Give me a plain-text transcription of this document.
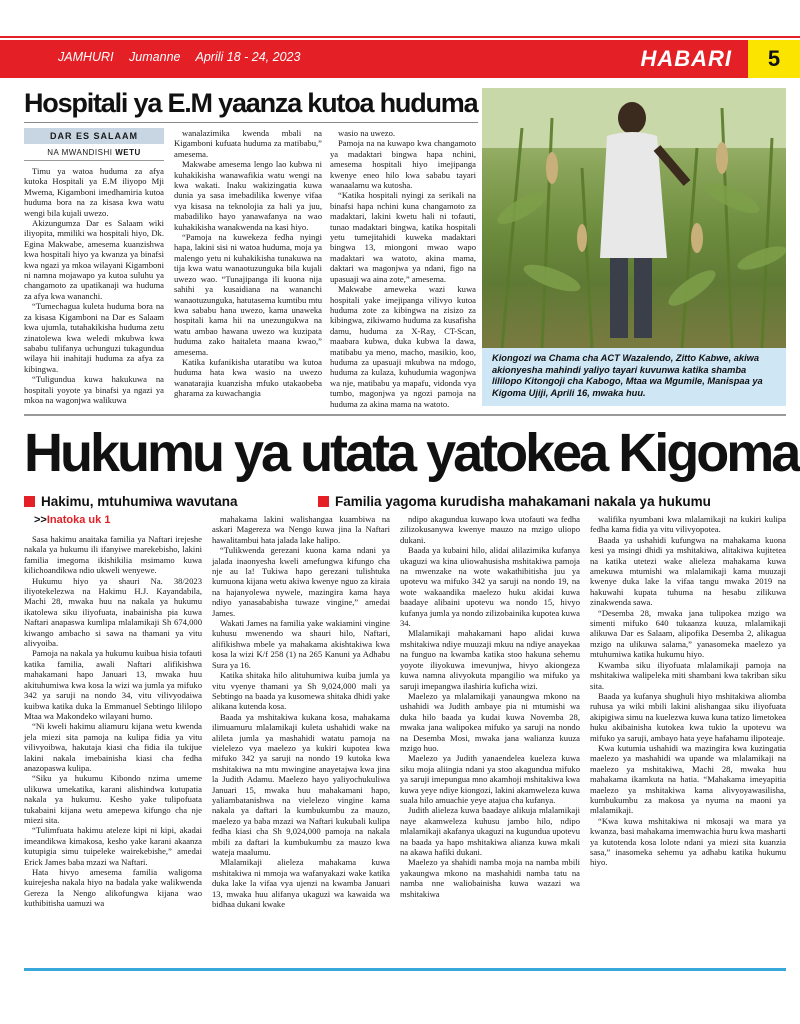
JAMHURI Jumanne Aprili 18 - 24, 2023	HABARI	5
Hospitali ya E.M yaanza kutoa huduma
DAR ES SALAAM
NA MWANDISHI WETU

Timu ya watoa huduma za afya kutoka Hospitali ya E.M iliyopo Mji Mwema, Kigamboni imedhamiria kutoa huduma bora na za kisasa kwa watu wengi bila kujali uwezo.

Akizungumza Dar es Salaam wiki iliyopita, mmiliki wa hospitali hiyo, Dk. Egina Makwabe, amesema kuanzishwa kwa hospitali hiyo ya kwanza ya binafsi kwa ngazi ya mkoa wilayani Kigamboni ni namna mojawapo ya kutoa suluhu ya changamoto za upatikanaji wa huduma za afya kwa wananchi.

“Tumechagua kuleta huduma bora na za kisasa Kigamboni na Dar es Salaam kwa ujumla, tutahakikisha huduma zetu zinatolewa kwa weledi mkubwa kwa sababu tulifanya uchunguzi tukagundua wilaya hii inahitaji huduma za afya za kibingwa.

“Tuligundua kuwa hakukuwa na hospitali yoyote ya binafsi ya ngazi ya mkoa na wagonjwa walikuwa

wanalazimika kwenda mbali na Kigamboni kufuata huduma za matibabu,” amesema.

Makwabe amesema lengo lao kubwa ni kuhakikisha wanawafikia watu wengi na kwa wakati. Inaku wakizingatia kuwa dunia ya sasa imebadilika kwenye vifaa vya kisasa na teknolojia za hali ya juu, mabadiliko hayo yanawafanya na wao kuhakikisha wanakwenda na kasi hiyo.

“Pamoja na kuwekeza fedha nyingi hapa, lakini sisi ni watoa huduma, moja ya malengo yetu ni kuhakikisha tunakuwa na tija kwa watu wanaotuzunguka bila kujali uwezo wao. “Tunajipanga ili kuona nija sahihi ya kusaidiana na wananchi wanaotuzunguka, hatutasema kumtibu mtu kwa sababu hana uwezo, kama unaweka hospitali kama hii na unezungukwa na watu ambao hawana uwezo wa kuzipata huduma zako haitaleta maana kwao,” amesema.

Katika kufanikisha utaratibu wa kutoa huduma hata kwa wasio na uwezo wanatarajia kuanzisha mfuko utakaobeba gharama za kuwachangia

wasio na uwezo.

Pamoja na na kuwapo kwa changamoto ya madaktari bingwa hapa nchini, amesema hospitali hiyo imejipanga kwenye eneo hilo kwa sababu tayari wanaalamu wa kutosha.

“Katika hospitali nyingi za serikali na binafsi hapa nchini kuna changamoto za madaktari, lakini kwetu hali ni tofauti, tunao madaktari bingwa, katika hospitali yetu tumejitahidi kuweka madaktari bingwa 13, miongoni mwao wapo madaktari wa watoto, akina mama, daktari wa magonjwa ya ndani, figo na upasuaji wa aina zote,” amesema.

Makwabe ameweka wazi kuwa hospitali yake imejipanga vilivyo kutoa huduma zote za kibingwa na zisizo za kibingwa, zikiwamo huduma za kusafisha damu, huduma za X-Ray, CT-Scan, maabara kubwa, duka kubwa la dawa, matibabu ya meno, macho, masikio, koo, huduma za upasuaji mkubwa na mdogo, huduma za kulaza, kuhudumia wagonjwa wa nje, matibabu ya mapafu, vidonda vya tumbo, magonjwa ya ngozi pamoja na huduma za akina mama na watoto.

Kiongozi wa Chama cha ACT Wazalendo, Zitto Kabwe, akiwa akionyesha mahindi yaliyo tayari kuvunwa katika shamba lililopo Kitongoji cha Kabogo, Mtaa wa Mgumile, Manispaa ya Kigoma Ujiji, Aprili 16, mwaka huu.
Hukumu ya utata yatokea Kigoma
Hakimu, mtuhumiwa wavutana	Familia yagoma kurudisha mahakamani nakala ya hukumu
>>Inatoka uk 1

Sasa hakimu anaitaka familia ya Naftari irejeshe nakala ya hukumu ili ifanyiwe marekebisho, lakini familia imegoma ikishikilia msimamo kuwa kilichoandikwa ndio ukweli wenyewe.

Hukumu hiyo ya shauri Na. 38/2023 iliyotekelezwa na Hakimu H.J. Kayandabila, Machi 28, mwaka huu na nakala ya hukumu ikatolewa siku iliyofuata, inabainisha pia kuwa Naftari anapaswa kumlipa mlalamikaji Sh 674,000 kiwango ambacho si sawa na thamani ya vitu alivyoiba.

Pamoja na nakala ya hukumu kuibua hisia tofauti katika familia, awali Naftari alifikishwa mahakamani hapo Januari 13, mwaka huu akituhumiwa kwa kosa la wizi wa jumla ya mifuko 342 ya saruji na nondo 34, vitu vilivyodaiwa kuibwa katika duka la Emmanuel Sebtingo lililopo Mtaa wa Makondeko wilayani humo.

“Ni kweli hakimu aliamuru kijana wetu kwenda jela miezi sita pamoja na kulipa fidia ya vitu vilivyoibwa, hakutaja kiasi cha fidia ila tukijue lakini nakala imebainisha kiasi cha fedha anazopaswa kulipa.

“Siku ya hukumu Kibondo nzima umeme ulikuwa umekatika, karani alishindwa kutupatia nakala ya hukumu. Kesho yake tulipofuata tukabaini kijana wetu amepewa kifungo cha nje miezi sita.

“Tulimfuata hakimu ateleze kipi ni kipi, akadai imeandikwa kimakosa, kesho yake karani akaanza kutupigia simu tuipeleke wairekebishe,” amedai Erick James baba mzazi wa Naftari.

Hata hivyo amesema familia waligoma kuirejesha nakala hiyo na badala yake walikwenda Gereza la Nengo alikofungwa kijana wao kuthibitisha uamuzi wa

mahakama lakini walishangaa kuambiwa na askari Magereza wa Nengo kuwa jina la Naftari hawalitambui hata jalada lake halipo.

“Tulikwenda gerezani kuona kama ndani ya jalada inaonyesha kweli amefungwa kifungo cha nje au la! Tukiwa hapo gerezani tulishtuka kumuona kijana wetu akiwa kwenye nguo za kiraia na hajanyolewa nywele, mazingira kama haya ndiyo yanasababisha tuwaze vingine,” amedai James.

Wakati James na familia yake wakiamini vingine kuhusu mwenendo wa shauri hilo, Naftari, alifikishwa mbele ya mahakama akishtakiwa kwa kosa la wizi K/f 258 (1) na 265 Kanuni ya Adhabu Sura ya 16.

Katika shitaka hilo alituhumiwa kuiba jumla ya vitu vyenye thamani ya Sh 9,024,000 mali ya Sebtingo na baada ya kusomewa shitaka dhidi yake alikana kutenda kosa.

Baada ya mshitakiwa kukana kosa, mahakama ilimuamuru mlalamikaji kuleta ushahidi wake na alileta jumla ya mashahidi watatu pamoja na vielelezo vya maelezo ya kukiri kupotea kwa mifuko 342 ya saruji na nondo 19 kutoka kwa mshitakiwa na mtu mwingine anayetajwa kwa jina la Judith Adamu. Maelezo hayo yaliyochukuliwa Januari 15, mwaka huu mahakamani hapo, yaliambatanishwa na vielelezo vingine kama nakala ya daftari la kumbukumbu za mauzo, maelezo ya baba mzazi wa Naftari kukubali kulipa fedha kiasi cha Sh 9,024,000 pamoja na nakala mbili za daftari la kumbukumbu za mauzo kwa wateja maalumu.

Mlalamikaji alieleza mahakama kuwa mshitakiwa ni mmoja wa wafanyakazi wake katika duka lake la vifaa vya ujenzi na kwamba Januari 13, mwaka huu alifanya ukaguzi wa kawaida wa bidhaa dukani kwake

ndipo akagundua kuwapo kwa utofauti wa fedha zilizokusanywa kwenye mauzo na mzigo uliopo dukani.

Baada ya kubaini hilo, alidai alilazimika kufanya ukaguzi wa kina uliowahusisha mshitakiwa pamoja na mwenzake na wote wakathibitisha juu ya upotevu wa mifuko 342 ya saruji na nondo 19, na wote wakaandika maelezo huku akidai kuwa baadaye alibaini upotevu wa nondo 15, hivyo kufanya jumla ya nondo zilizobainika kupotea kuwa 34.

Mlalamikaji mahakamani hapo alidai kuwa mshitakiwa ndiye muuzaji mkuu na ndiye anayekaa na funguo na kwamba katika stoo hakuna sehemu yoyote iliyokuwa imevunjwa, hivyo akiongeza kuwa namna alivyokuta mpangilio wa mifuko ya saruji imepangwa ilashiria kuficha wizi.

Maelezo ya mlalamikaji yanaungwa mkono na ushahidi wa Judith ambaye pia ni mtumishi wa duka hilo baada ya kudai kuwa Novemba 28, mwaka jana walipokea mifuko ya saruji na nondo na Desemba Mosi, mwaka jana walianza kuuza mzigo huo.

Maelezo ya Judith yanaendelea kueleza kuwa siku moja aliingia ndani ya stoo akagundua mifuko ya saruji imepungua mno akamhoji mshitakiwa kwa kuwa yeye ndiye kiongozi, lakini akamweleza kuwa suala hilo amuachie yeye atajua cha kufanya.

Judith alieleza kuwa baadaye alikuja mlalamikaji naye akamweleza kuhusu jambo hilo, ndipo mlalamikaji akafanya ukaguzi na kugundua upotevu na baada ya hapo mshitakiwa alianza kuwa mkali na akawa hafiki dukani.

Maelezo ya shahidi namba moja na namba mbili yakaungwa mkono na mashahidi namba tatu na namba nne waliobainisha kuwa wazazi wa mshitakiwa

walifika nyumbani kwa mlalamikaji na kukiri kulipa fedha kama fidia ya vitu vilivyopotea.

Baada ya ushahidi kufungwa na mahakama kuona kesi ya msingi dhidi ya mshitakiwa, alitakiwa kujitetea na katika utetezi wake alieleza mahakama kuwa amekuwa mtumishi wa mlalamikaji kama muuzaji kwenye duka lake la vifaa tangu mwaka 2019 na hakuwahi kupata tuhuma na hesabu zilikuwa zinakwenda sawa.

“Desemba 28, mwaka jana tulipokea mzigo wa simenti mifuko 640 tukaanza kuuza, mlalamikaji alikuwa Dar es Salaam, alipofika Desemba 2, alikagua mzigo na ulikuwa salama,” yanasomeka maelezo ya mtuhumiwa katika hukumu hiyo.

Kwamba siku iliyofuata mlalamikaji pamoja na mshitakiwa walipeleka miti shambani kwa takriban siku sita.

Baada ya kufanya shughuli hiyo mshitakiwa aliomba ruhusa ya wiki mbili lakini alishangaa siku iliyofuata akipigiwa simu na kuelezwa kuwa kuna tatizo limetokea huku akibainisha kutokea kwa tukio la upotevu wa mifuko ya saruji, ambayo hata yeye hafahamu ilipoteaje.

Kwa kutumia ushahidi wa mazingira kwa kuzingatia maelezo ya mashahidi wa upande wa mlalamikaji na maelezo ya mshitakiwa, Machi 28, mwaka huu mahakama ikamkuta na hatia. “Mahakama imeyapitia maelezo ya mshitakiwa kama alivyoyawasilisha, kumbukumbu za makosa ya nyuma na maoni ya mlalamikaji.

“Kwa kuwa mshitakiwa ni mkosaji wa mara ya kwanza, basi mahakama imemwachia huru kwa masharti ya kutotenda kosa lolote ndani ya miezi sita kuanzia sasa,” inasomeka sehemu ya adhabu katika hukumu hiyo.
